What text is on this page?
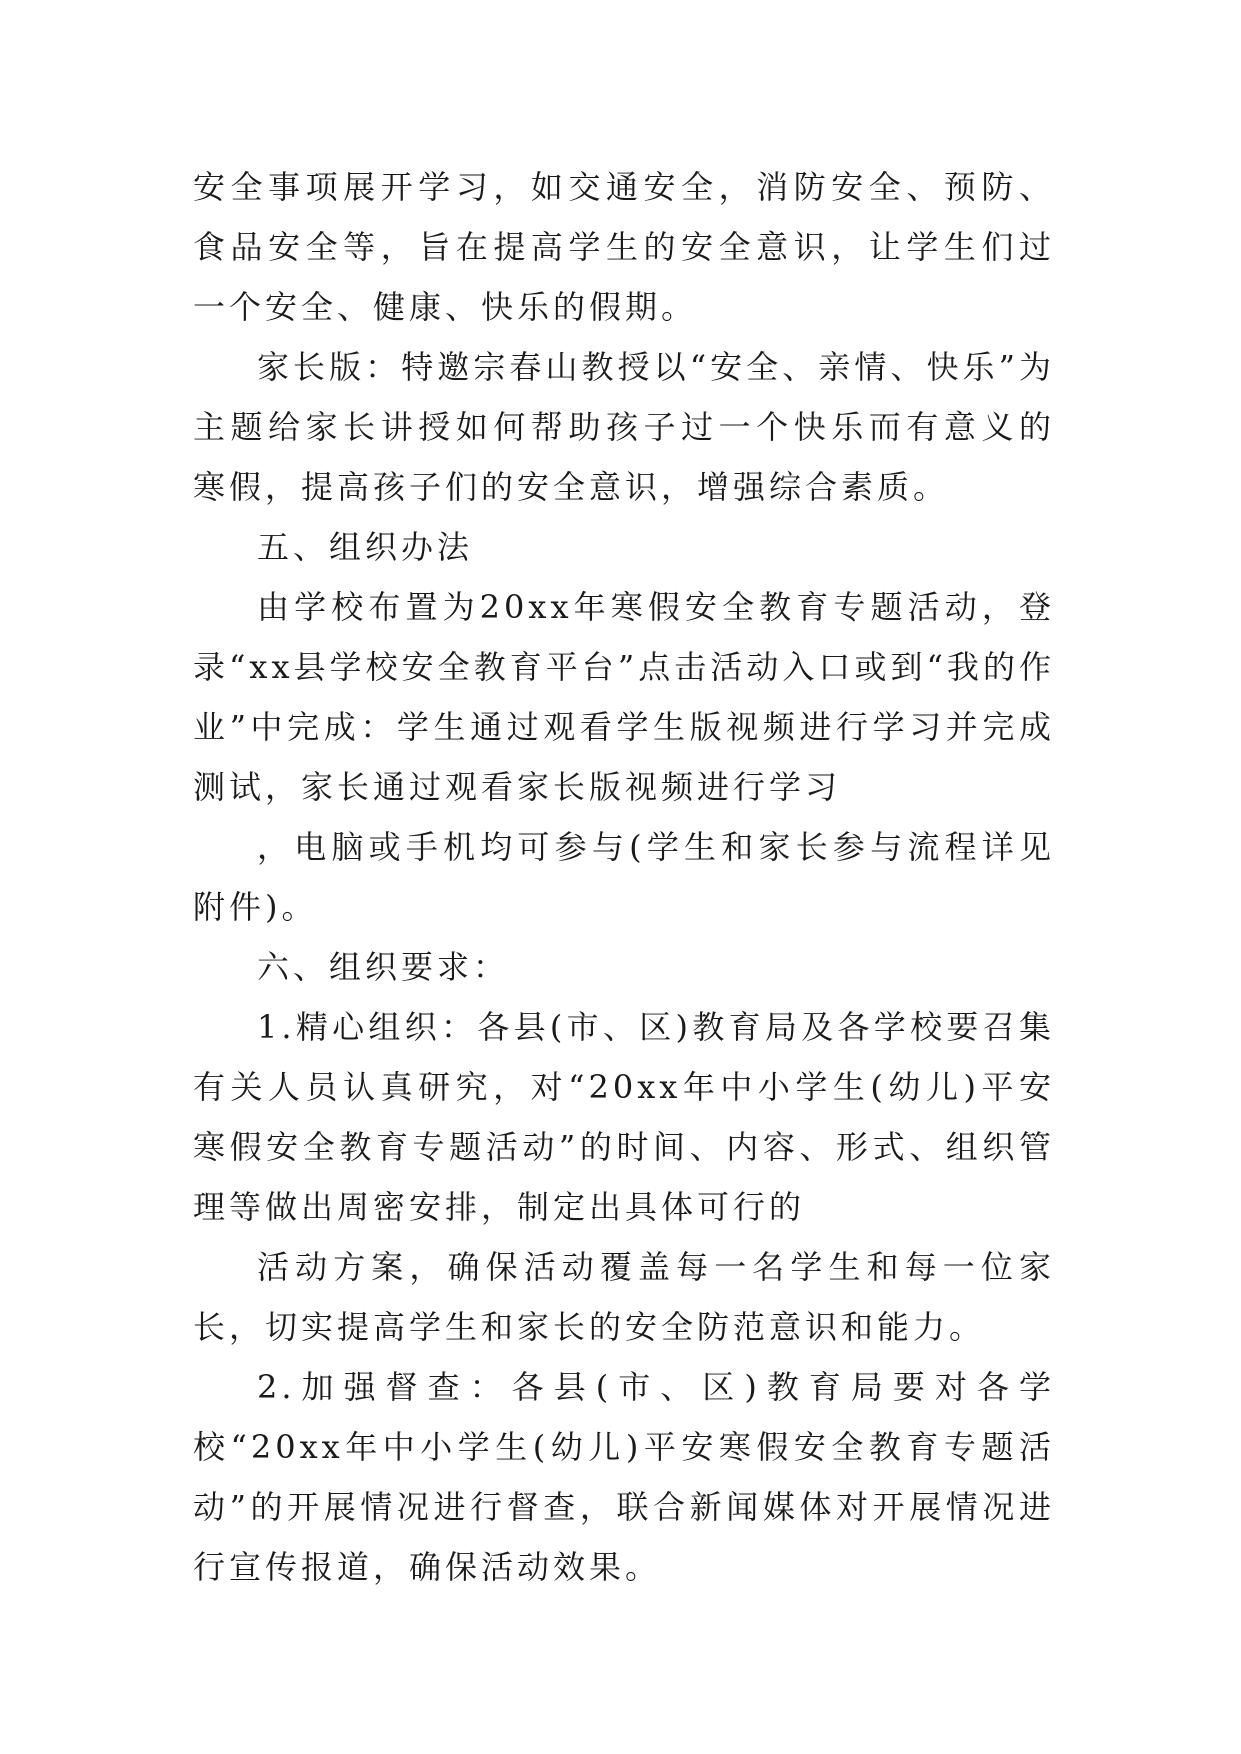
安全事项展开学习，如交通安全，消防安全、预防、食品安全等，旨在提高学生的安全意识，让学生们过一个安全、健康、快乐的假期。

家长版：特邀宗春山教授以“安全、亲情、快乐”为主题给家长讲授如何帮助孩子过一个快乐而有意义的寒假，提高孩子们的安全意识，增强综合素质。

五、组织办法

由学校布置为20xx年寒假安全教育专题活动，登录“xx县学校安全教育平台”点击活动入口或到“我的作业”中完成：学生通过观看学生版视频进行学习并完成测试，家长通过观看家长版视频进行学习

，电脑或手机均可参与(学生和家长参与流程详见附件)。

六、组织要求：

1.精心组织：各县(市、区)教育局及各学校要召集有关人员认真研究，对“20xx年中小学生(幼儿)平安寒假安全教育专题活动”的时间、内容、形式、组织管理等做出周密安排，制定出具体可行的

活动方案，确保活动覆盖每一名学生和每一位家长，切实提高学生和家长的安全防范意识和能力。

2.加强督查：各县(市、区)教育局要对各学校“20xx年中小学生(幼儿)平安寒假安全教育专题活动”的开展情况进行督查，联合新闻媒体对开展情况进行宣传报道，确保活动效果。
